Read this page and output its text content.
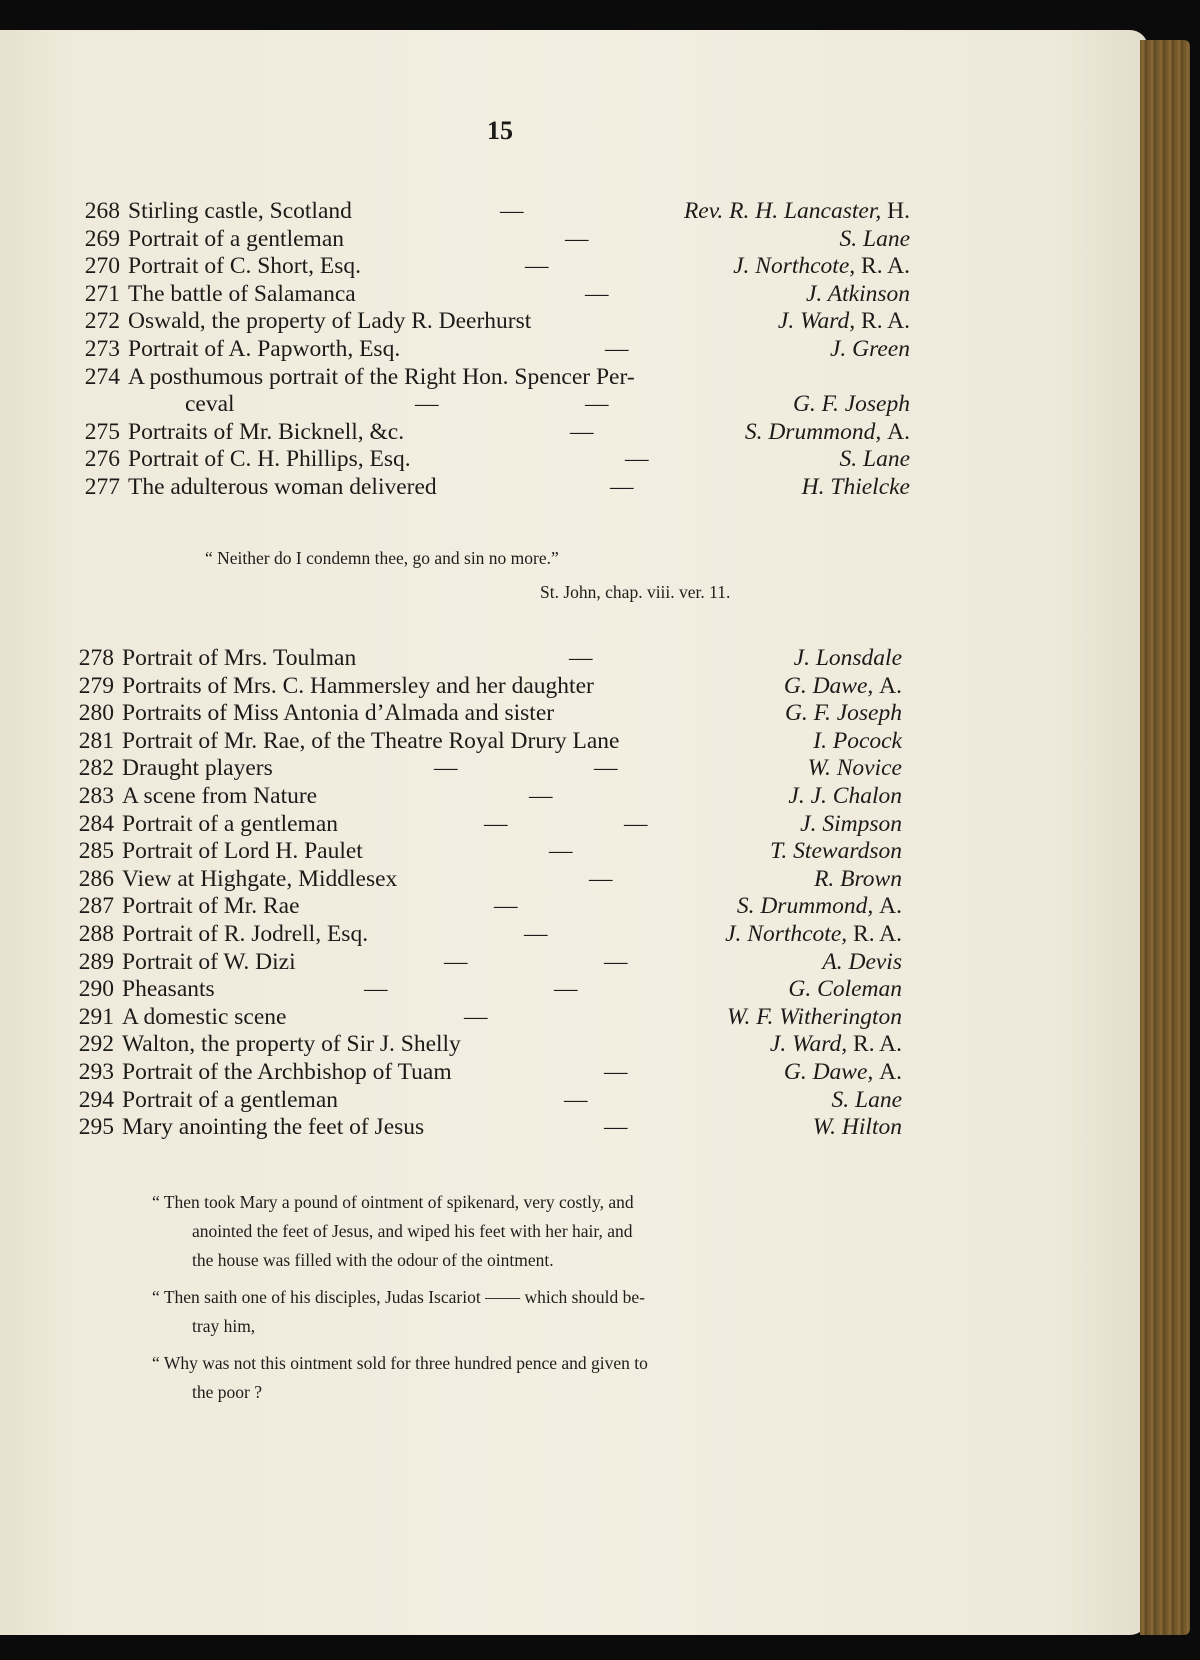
15
268 Stirling castle, Scotland	—	Rev. R. H. Lancaster, H.
269 Portrait of a gentleman	—	S. Lane
270 Portrait of C. Short, Esq.	—	J. Northcote, R. A.
271 The battle of Salamanca	—	J. Atkinson
272 Oswald, the property of Lady R. Deerhurst	J. Ward, R. A.
273 Portrait of A. Papworth, Esq.	—	J. Green
274 A posthumous portrait of the Right Hon. Spencer Per-
ceval	—	—	G. F. Joseph
275 Portraits of Mr. Bicknell, &c.	—	S. Drummond, A.
276 Portrait of C. H. Phillips, Esq.	—	S. Lane
277 The adulterous woman delivered	—	H. Thielcke
“ Neither do I condemn thee, go and sin no more.”
St. John, chap. viii. ver. 11.
278 Portrait of Mrs. Toulman	—	J. Lonsdale
279 Portraits of Mrs. C. Hammersley and her daughter	G. Dawe, A.
280 Portraits of Miss Antonia d’Almada and sister	G. F. Joseph
281 Portrait of Mr. Rae, of the Theatre Royal Drury Lane	I. Pocock
282 Draught players	—	—	W. Novice
283 A scene from Nature	—	J. J. Chalon
284 Portrait of a gentleman	—	—	J. Simpson
285 Portrait of Lord H. Paulet	—	T. Stewardson
286 View at Highgate, Middlesex	—	R. Brown
287 Portrait of Mr. Rae	—	S. Drummond, A.
288 Portrait of R. Jodrell, Esq.	—	J. Northcote, R. A.
289 Portrait of W. Dizi	—	—	A. Devis
290 Pheasants	—	—	G. Coleman
291 A domestic scene	—	W. F. Witherington
292 Walton, the property of Sir J. Shelly	J. Ward, R. A.
293 Portrait of the Archbishop of Tuam	—	G. Dawe, A.
294 Portrait of a gentleman	—	S. Lane
295 Mary anointing the feet of Jesus	—	W. Hilton
“ Then took Mary a pound of ointment of spikenard, very costly, and
anointed the feet of Jesus, and wiped his feet with her hair, and
the house was filled with the odour of the ointment.
“ Then saith one of his disciples, Judas Iscariot —— which should be-
tray him,
“ Why was not this ointment sold for three hundred pence and given to
the poor ?
